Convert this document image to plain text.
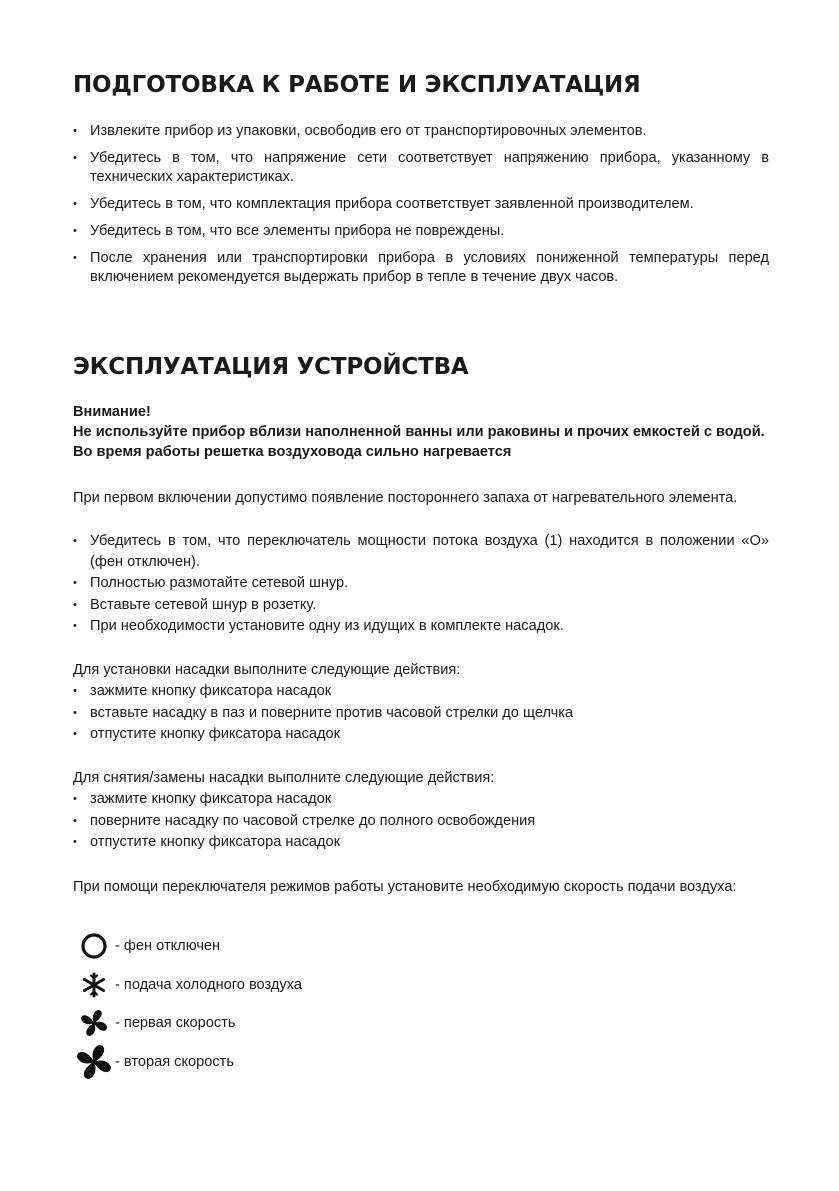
ПОДГОТОВКА К РАБОТЕ И ЭКСПЛУАТАЦИЯ
• Извлеките прибор из упаковки, освободив его от транспортировочных элементов.
• Убедитесь в том, что напряжение сети соответствует напряжению прибора, указанному в технических характеристиках.
• Убедитесь в том, что комплектация прибора соответствует заявленной производителем.
• Убедитесь в том, что все элементы прибора не повреждены.
• После хранения или транспортировки прибора в условиях пониженной температуры перед включением рекомендуется выдержать прибор в тепле в течение двух часов.
ЭКСПЛУАТАЦИЯ УСТРОЙСТВА
Внимание!
Не используйте прибор вблизи наполненной ванны или раковины и прочих емкостей с водой. Во время работы решетка воздуховода сильно нагревается
При первом включении допустимо появление постороннего запаха от нагревательного элемента.
• Убедитесь в том, что переключатель мощности потока воздуха (1) находится в положении «О» (фен отключен).
• Полностью размотайте сетевой шнур.
• Вставьте сетевой шнур в розетку.
• При необходимости установите одну из идущих в комплекте насадок.
Для установки насадки выполните следующие действия:
• зажмите кнопку фиксатора насадок
• вставьте насадку в паз и поверните против часовой стрелки до щелчка
• отпустите кнопку фиксатора насадок
Для снятия/замены насадки выполните следующие действия:
• зажмите кнопку фиксатора насадок
• поверните насадку по часовой стрелке до полного освобождения
• отпустите кнопку фиксатора насадок
При помощи переключателя режимов работы установите необходимую скорость подачи воздуха:
- фен отключен
- подача холодного воздуха
- первая скорость
- вторая скорость
